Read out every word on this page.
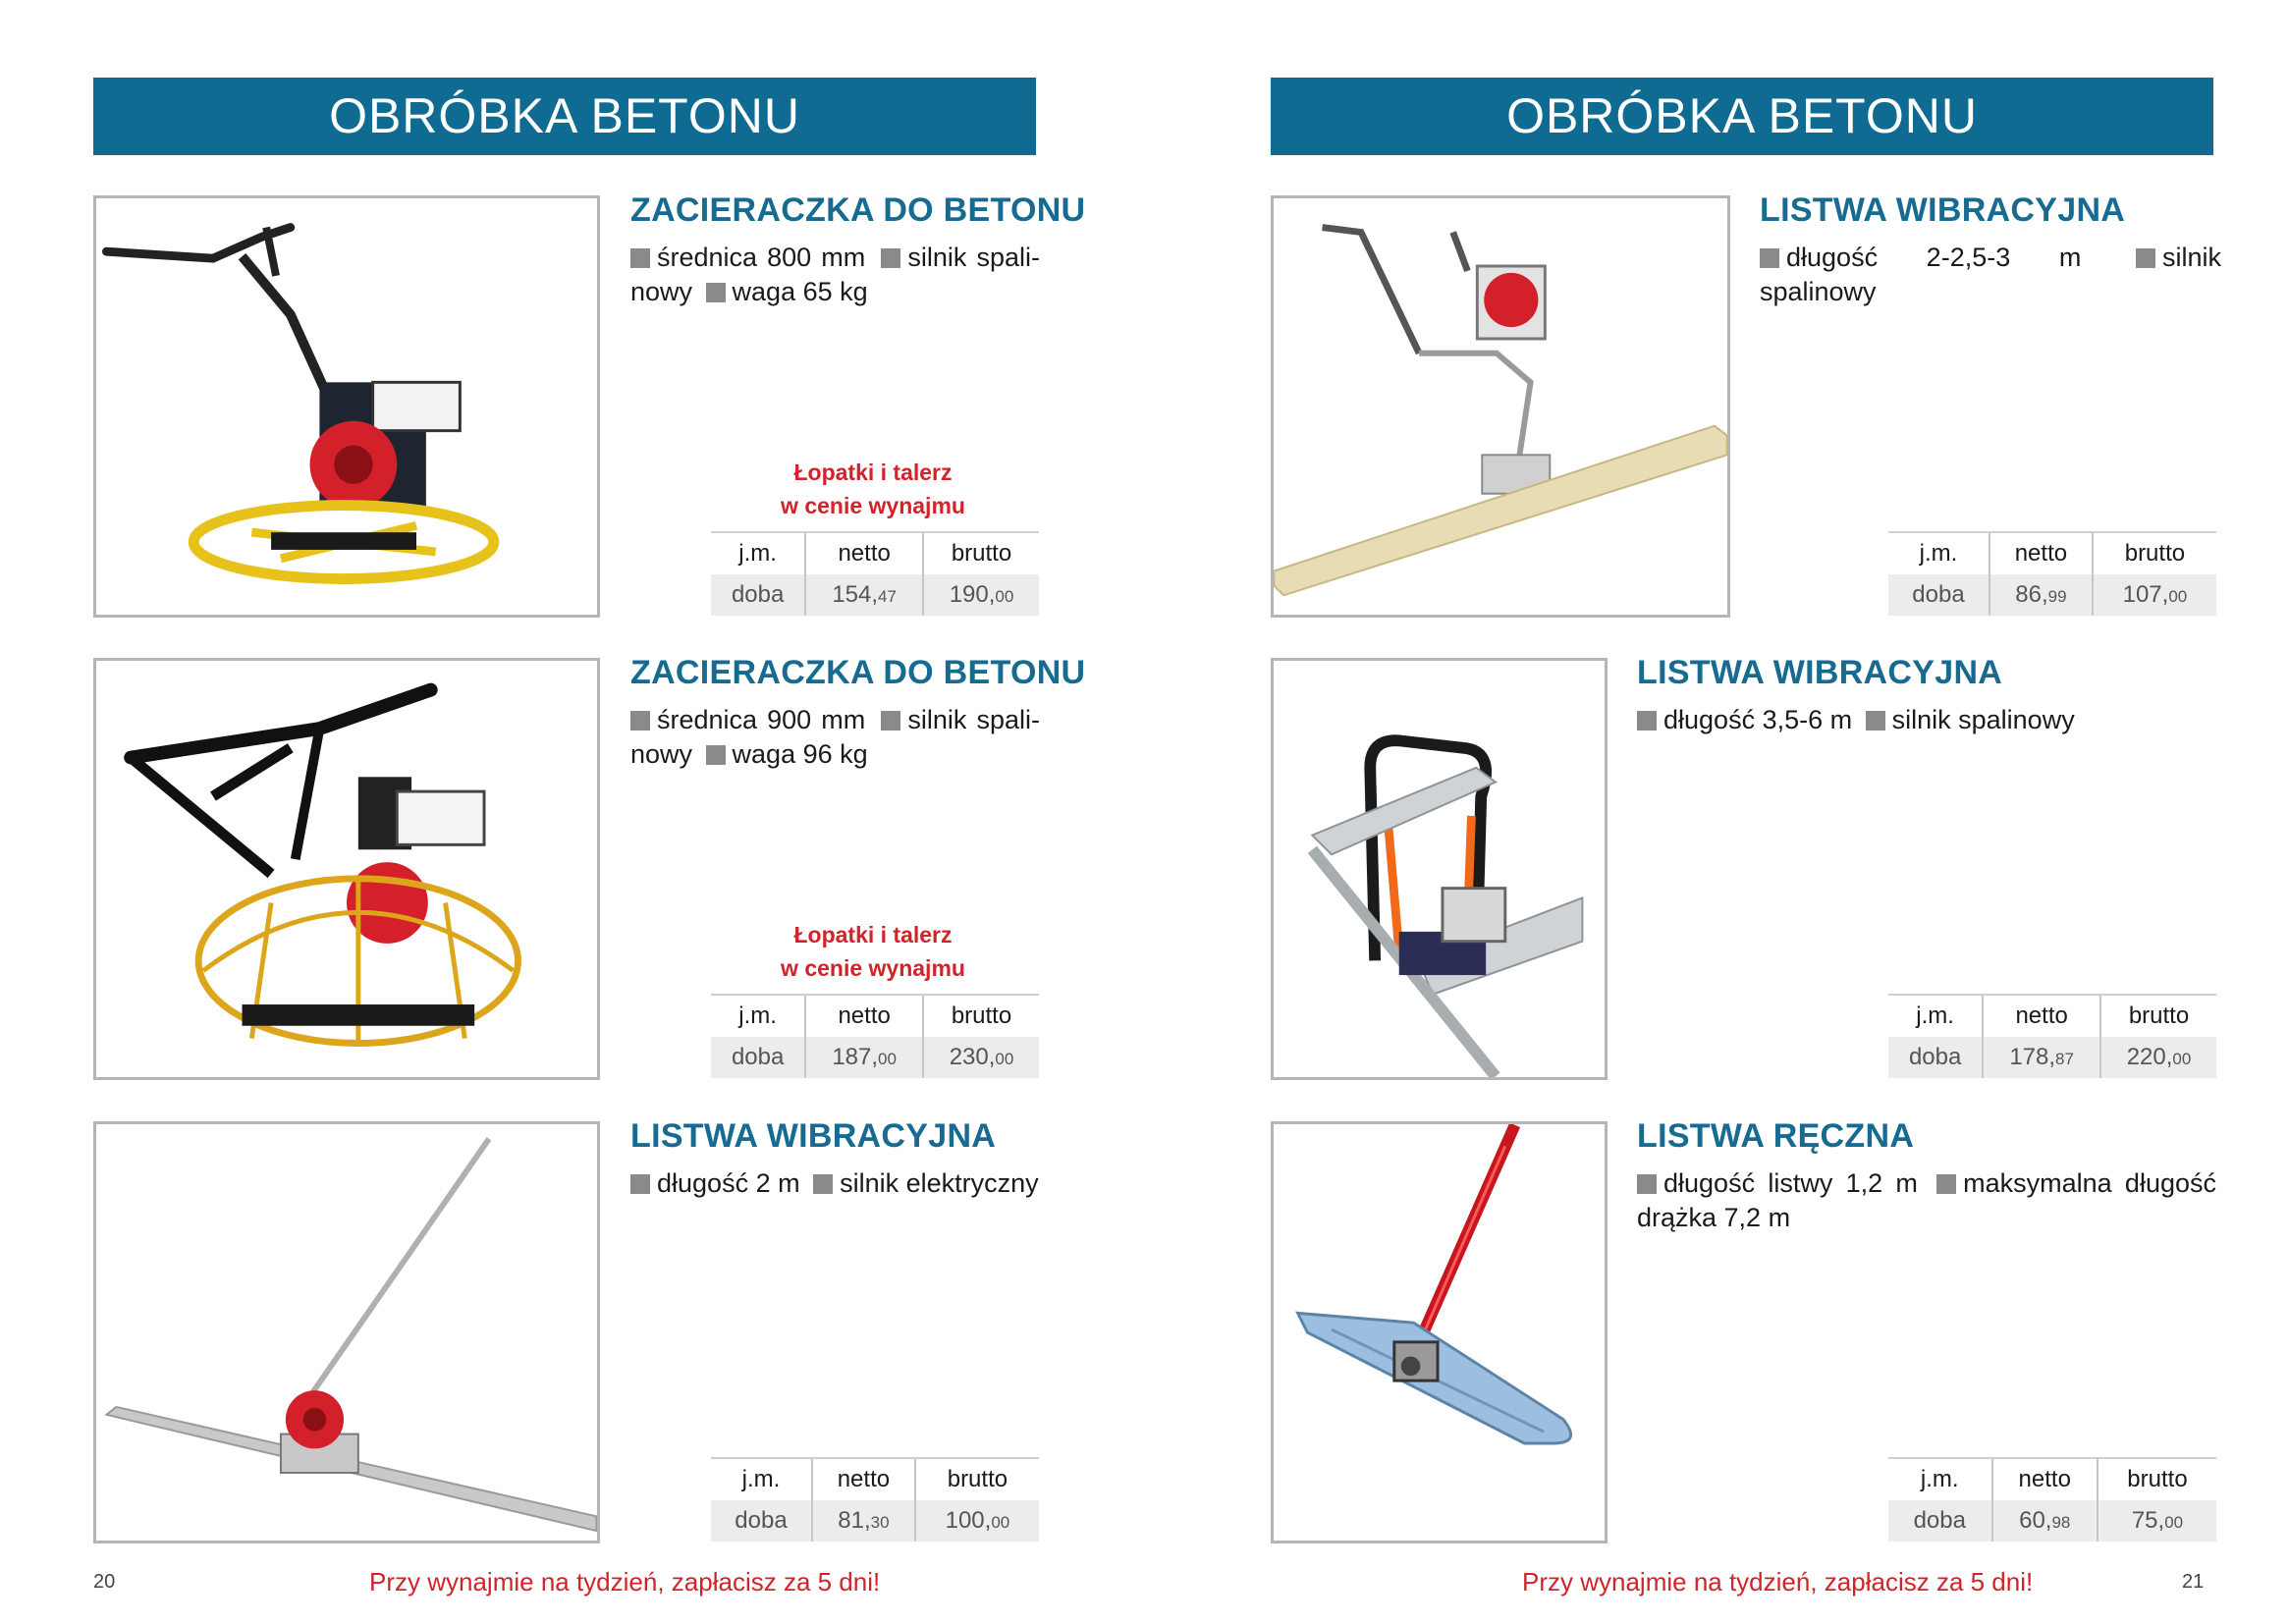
OBRÓBKA BETONU
ZACIERACZKA DO BETONU

średnica 800 mm silnik spali-nowy waga 65 kg

Łopatki i talerz
w cenie wynajmu
j.m.	netto	brutto
doba	154,47	190,00
ZACIERACZKA DO BETONU

średnica 900 mm silnik spali-nowy waga 96 kg

Łopatki i talerz
w cenie wynajmu
j.m.	netto	brutto
doba	187,00	230,00
LISTWA WIBRACYJNA

długość 2 m silnik elektryczny

j.m.	netto	brutto
doba	81,30	100,00
20	Przy wynajmie na tydzień, zapłacisz za 5 dni!
OBRÓBKA BETONU
LISTWA WIBRACYJNA

długość 2-2,5-3 m	silnik spalinowy

j.m.	netto	brutto
doba	86,99	107,00
LISTWA WIBRACYJNA

długość 3,5-6 m silnik spalinowy

j.m.	netto	brutto
doba	178,87	220,00
LISTWA RĘCZNA

długość listwy 1,2 m maksymalna długość drążka 7,2 m

j.m.	netto	brutto
doba	60,98	75,00
Przy wynajmie na tydzień, zapłacisz za 5 dni!	21
